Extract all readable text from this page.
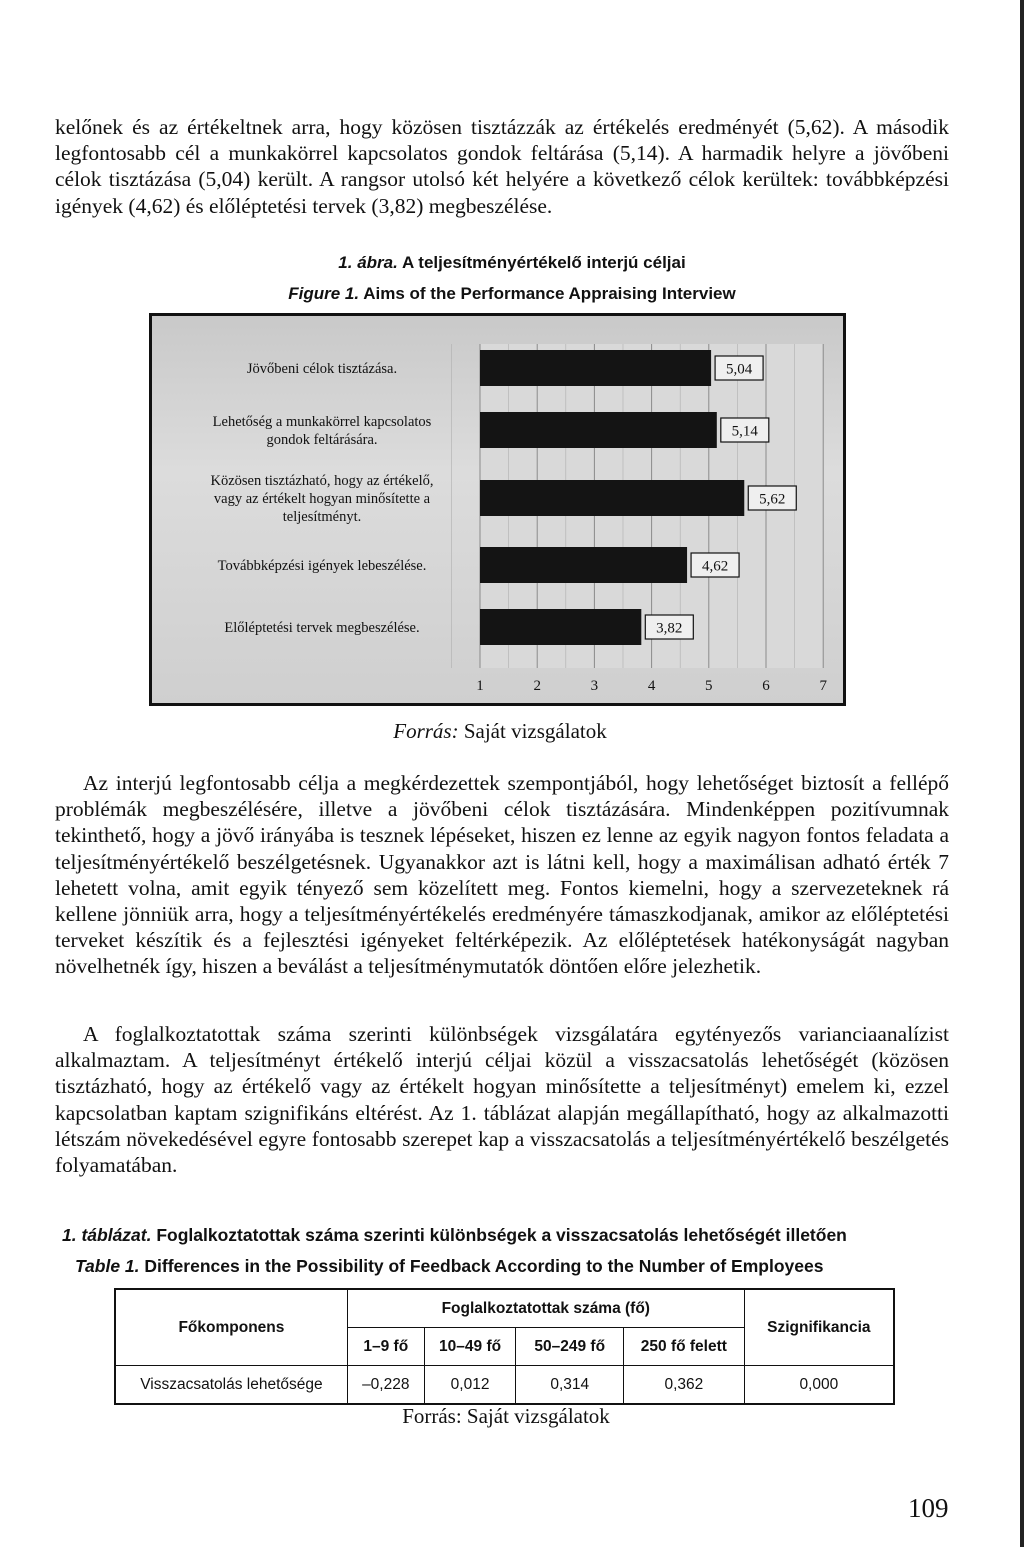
kelőnek és az értékeltnek arra, hogy közösen tisztázzák az értékelés eredményét (5,62). A második legfontosabb cél a munkakörrel kapcsolatos gondok feltárása (5,14). A harmadik helyre a jövőbeni célok tisztázása (5,04) került. A rangsor utolsó két helyére a következő célok kerültek: továbbképzési igények (4,62) és előléptetési tervek (3,82) megbeszélése.

1. ábra. A teljesítményértékelő interjú céljai
Figure 1. Aims of the Performance Appraising Interview
1	2	3	4	5	6	7
5,04
Jövőbeni célok tisztázása.
5,14
Lehetőség a munkakörrel kapcsolatos
gondok feltárására.
5,62
Közösen tisztázható, hogy az értékelő,
vagy az értékelt hogyan minősítette a
teljesítményt.
4,62
Továbbképzési igények lebeszélése.
3,82
Előléptetési tervek megbeszélése.

Forrás: Saját vizsgálatok

Az interjú legfontosabb célja a megkérdezettek szempontjából, hogy lehetőséget biztosít a fellépő problémák megbeszélésére, illetve a jövőbeni célok tisztázására. Mindenképpen pozitívumnak tekinthető, hogy a jövő irányába is tesznek lépéseket, hiszen ez lenne az egyik nagyon fontos feladata a teljesítményértékelő beszélgetésnek. Ugyanakkor azt is látni kell, hogy a maximálisan adható érték 7 lehetett volna, amit egyik tényező sem közelített meg. Fontos kiemelni, hogy a szervezeteknek rá kellene jönniük arra, hogy a teljesítményértékelés eredményére támaszkodjanak, amikor az előléptetési terveket készítik és a fejlesztési igényeket feltérképezik. Az előléptetések hatékonyságát nagyban növelhetnék így, hiszen a beválást a teljesítménymutatók döntően előre jelezhetik.

A foglalkoztatottak száma szerinti különbségek vizsgálatára egytényezős varianciaanalízist alkalmaztam. A teljesítményt értékelő interjú céljai közül a visszacsatolás lehetőségét (közösen tisztázható, hogy az értékelő vagy az értékelt hogyan minősítette a teljesítményt) emelem ki, ezzel kapcsolatban kaptam szignifikáns eltérést. Az 1. táblázat alapján megállapítható, hogy az alkalmazotti létszám növekedésével egyre fontosabb szerepet kap a visszacsatolás a teljesítményértékelő beszélgetés folyamatában.

1. táblázat. Foglalkoztatottak száma szerinti különbségek a visszacsatolás lehetőségét illetően

Table 1. Differences in the Possibility of Feedback According to the Number of Employees

Főkomponens	Foglalkoztatottak száma (fő)				Szignifikancia
	1–9 fő	10–49 fő	50–249 fő	250 fő felett	
Visszacsatolás lehetősége	–0,228	0,012	0,314	0,362	0,000

Forrás: Saját vizsgálatok

109
